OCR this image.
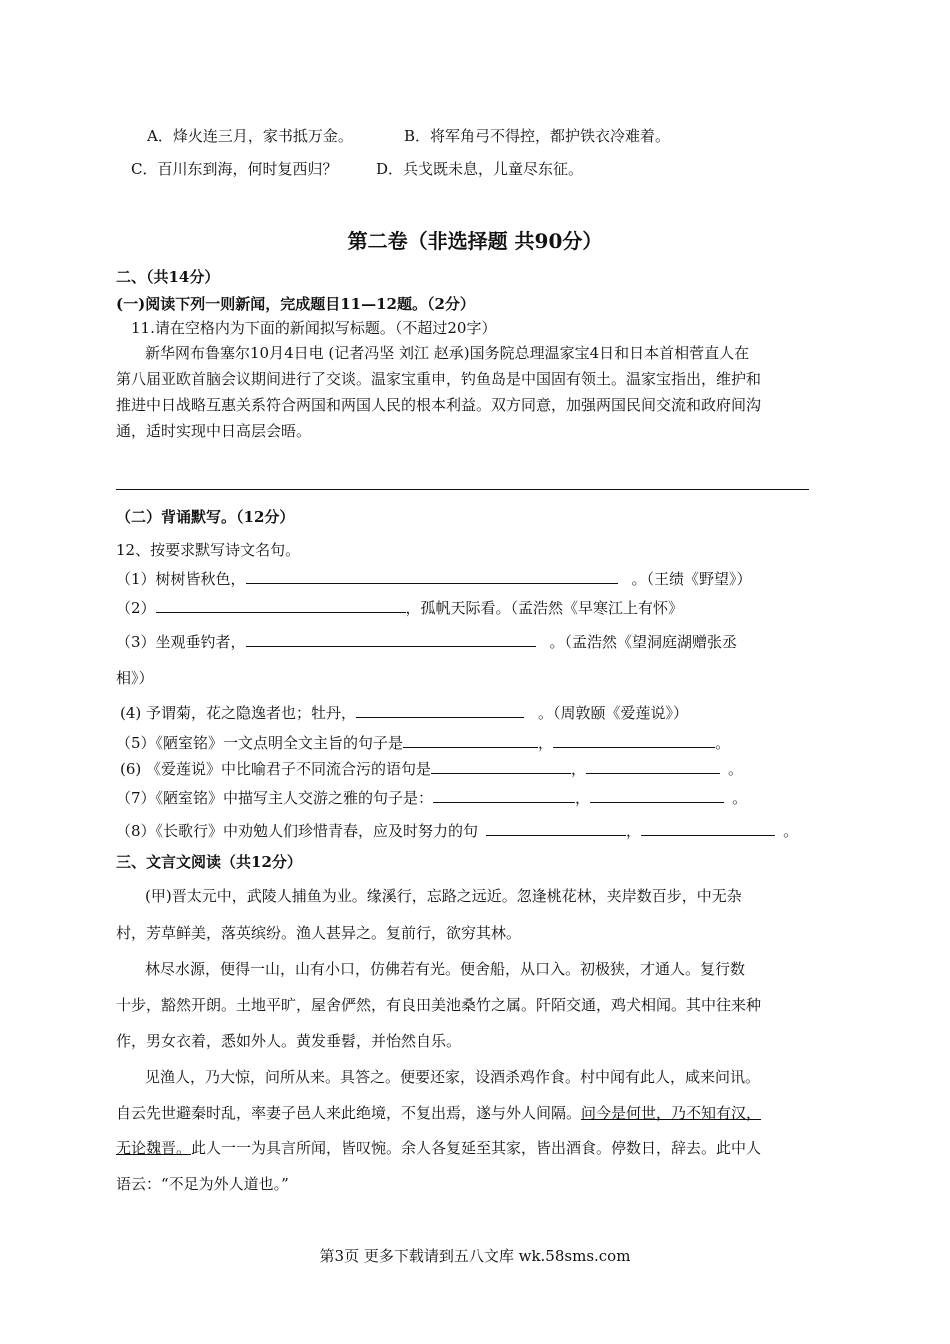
A．烽火连三月，家书抵万金。	B．将军角弓不得控，都护铁衣冷难着。
C．百川东到海，何时复西归？	D．兵戈既未息，儿童尽东征。
第二卷（非选择题 共90分）
二、（共14分）
(一)阅读下列一则新闻，完成题目11—12题。（2分）
11.请在空格内为下面的新闻拟写标题。（不超过20字）
新华网布鲁塞尔10月4日电 (记者冯坚 刘江 赵承)国务院总理温家宝4日和日本首相菅直人在
第八届亚欧首脑会议期间进行了交谈。温家宝重申，钓鱼岛是中国固有领土。温家宝指出，维护和
推进中日战略互惠关系符合两国和两国人民的根本利益。双方同意，加强两国民间交流和政府间沟
通，适时实现中日高层会晤。
（二）背诵默写。（12分）
12、按要求默写诗文名句。
（1）树树皆秋色，	。（王绩《野望》）
（2）	，孤帆天际看。（孟浩然《早寒江上有怀》
（3）坐观垂钓者，	。（孟浩然《望洞庭湖赠张丞
相》）
(4) 予谓菊，花之隐逸者也；牡丹，	。（周敦颐《爱莲说》）
（5）《陋室铭》一文点明全文主旨的句子是	，	。
(6) 《爱莲说》中比喻君子不同流合污的语句是	，	。
（7）《陋室铭》中描写主人交游之雅的句子是：	，	。
（8）《长歌行》中劝勉人们珍惜青春，应及时努力的句	，	。
三、文言文阅读（共12分）
(甲)晋太元中，武陵人捕鱼为业。缘溪行，忘路之远近。忽逢桃花林，夹岸数百步，中无杂
村，芳草鲜美，落英缤纷。渔人甚异之。复前行，欲穷其林。
林尽水源，便得一山，山有小口，仿佛若有光。便舍船，从口入。初极狭，才通人。复行数
十步，豁然开朗。土地平旷，屋舍俨然，有良田美池桑竹之属。阡陌交通，鸡犬相闻。其中往来种
作，男女衣着，悉如外人。黄发垂髫，并怡然自乐。
见渔人，乃大惊，问所从来。具答之。便要还家，设酒杀鸡作食。村中闻有此人，咸来问讯。
自云先世避秦时乱，率妻子邑人来此绝境，不复出焉，遂与外人间隔。问今是何世，乃不知有汉，
无论魏晋。此人一一为具言所闻，皆叹惋。余人各复延至其家，皆出酒食。停数日，辞去。此中人
语云：“不足为外人道也。”
第3页 更多下载请到五八文库 wk.58sms.com
